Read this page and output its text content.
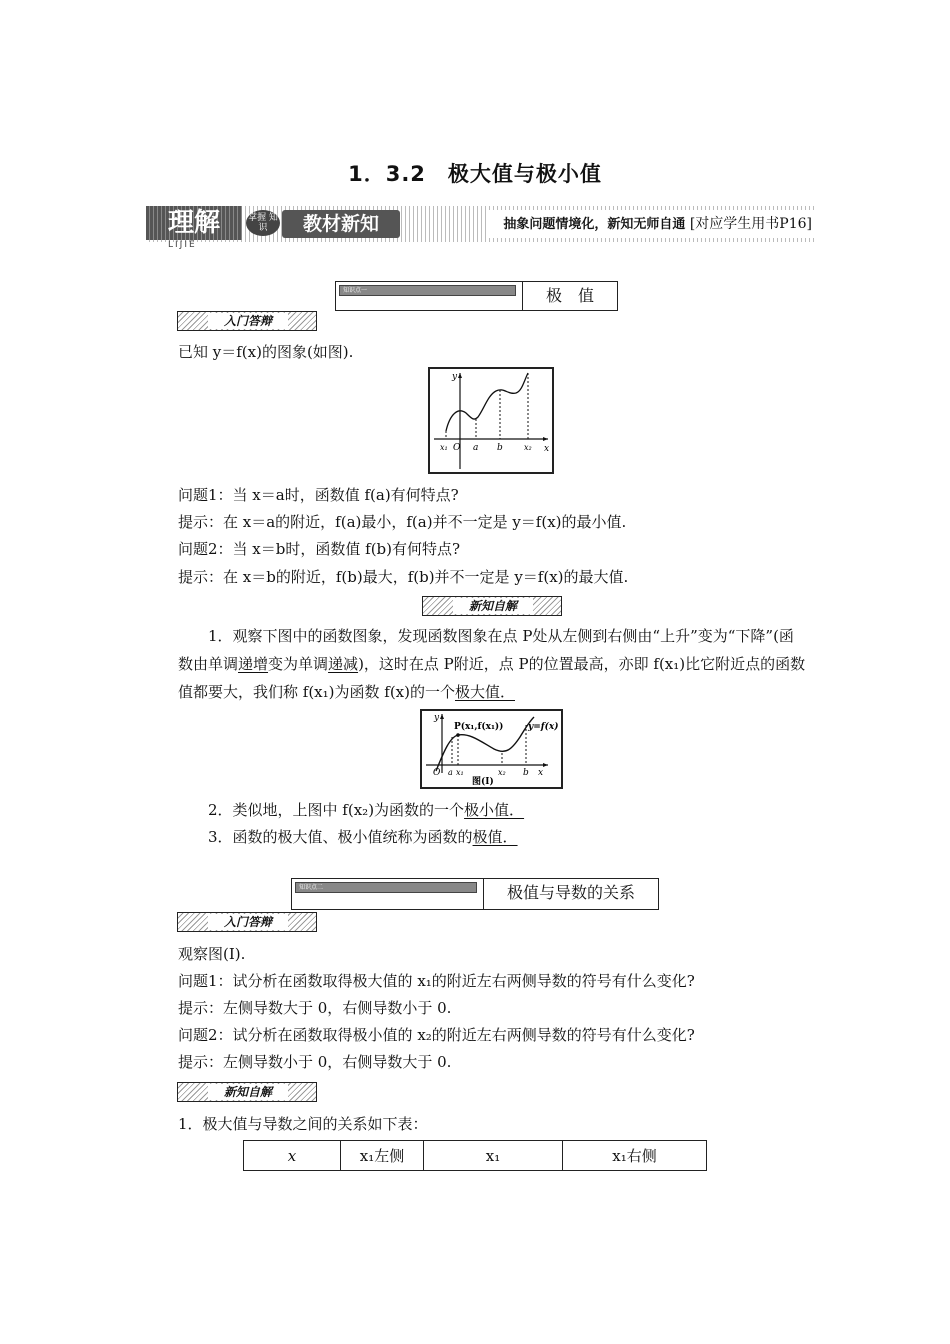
1．3.2　极大值与极小值
理解
LIJIE
掌握 知识	教材新知	抽象问题情境化，新知无师自通 [对应学生用书P16]
知识点一	极　值
入门答辩
已知 y＝f(x)的图象(如图).
y
x
x₁ O a b	x₂
问题1：当 x＝a时，函数值 f(a)有何特点?
提示：在 x＝a的附近，f(a)最小，f(a)并不一定是 y＝f(x)的最小值.
问题2：当 x＝b时，函数值 f(b)有何特点?
提示：在 x＝b的附近，f(b)最大，f(b)并不一定是 y＝f(x)的最大值.
新知自解
1．观察下图中的函数图象，发现函数图象在点 P处从左侧到右侧由“上升”变为“下降”(函数由单调递增变为单调递减)，这时在点 P附近，点 P的位置最高，亦即 f(x₁)比它附近点的函数值都要大，我们称 f(x₁)为函数 f(x)的一个极大值．
y
x
P(x₁,f(x₁))	y=f(x)
O a x₁	x₂ b
图(Ⅰ)
2．类似地，上图中 f(x₂)为函数的一个极小值．
3．函数的极大值、极小值统称为函数的极值．
知识点二	极值与导数的关系
入门答辩
观察图(Ⅰ).
问题1：试分析在函数取得极大值的 x₁的附近左右两侧导数的符号有什么变化?
提示：左侧导数大于 0，右侧导数小于 0.
问题2：试分析在函数取得极小值的 x₂的附近左右两侧导数的符号有什么变化?
提示：左侧导数小于 0，右侧导数大于 0.
新知自解
1．极大值与导数之间的关系如下表：
x	x₁左侧	x₁	x₁右侧
